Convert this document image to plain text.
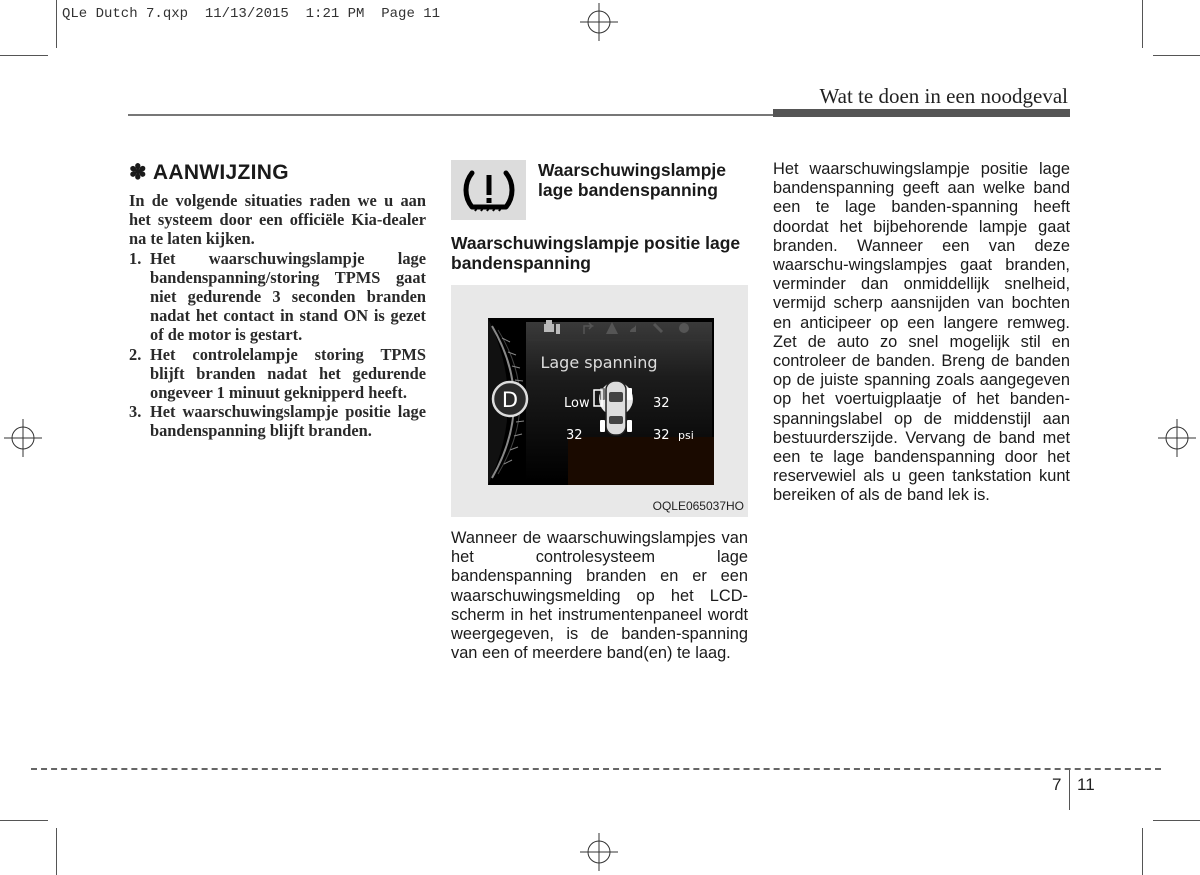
QLe Dutch 7.qxp  11/13/2015  1:21 PM  Page 11
Wat te doen in een noodgeval
✽ AANWIJZING
In de volgende situaties raden we u aan het systeem door een officiële Kia-dealer na te laten kijken.
1. Het waarschuwingslampje lage bandenspanning/storing TPMS gaat niet gedurende 3 seconden branden nadat het contact in stand ON is gezet of de motor is gestart.
2. Het controlelampje storing TPMS blijft branden nadat het gedurende ongeveer 1 minuut geknipperd heeft.
3. Het waarschuwingslampje positie lage bandenspanning blijft branden.
Waarschuwingslampje lage bandenspanning
Waarschuwingslampje positie lage bandenspanning
Lage spanning
D	Low	32
32	32 psi
OQLE065037HO
Wanneer de waarschuwingslampjes van het controlesysteem lage bandenspanning branden en er een waarschuwingsmelding op het LCD-scherm in het instrumentenpaneel wordt weergegeven, is de banden-spanning van een of meerdere band(en) te laag.
Het waarschuwingslampje positie lage bandenspanning geeft aan welke band een te lage banden-spanning heeft doordat het bijbehorende lampje gaat branden. Wanneer een van deze waarschu-wingslampjes gaat branden, verminder dan onmiddellijk snelheid, vermijd scherp aansnijden van bochten en anticipeer op een langere remweg. Zet de auto zo snel mogelijk stil en controleer de banden. Breng de banden op de juiste spanning zoals aangegeven op het voertuigplaatje of het banden-spanningslabel op de middenstijl aan bestuurderszijde. Vervang de band met een te lage bandenspanning door het reservewiel als u geen tankstation kunt bereiken of als de band lek is.
7 11
